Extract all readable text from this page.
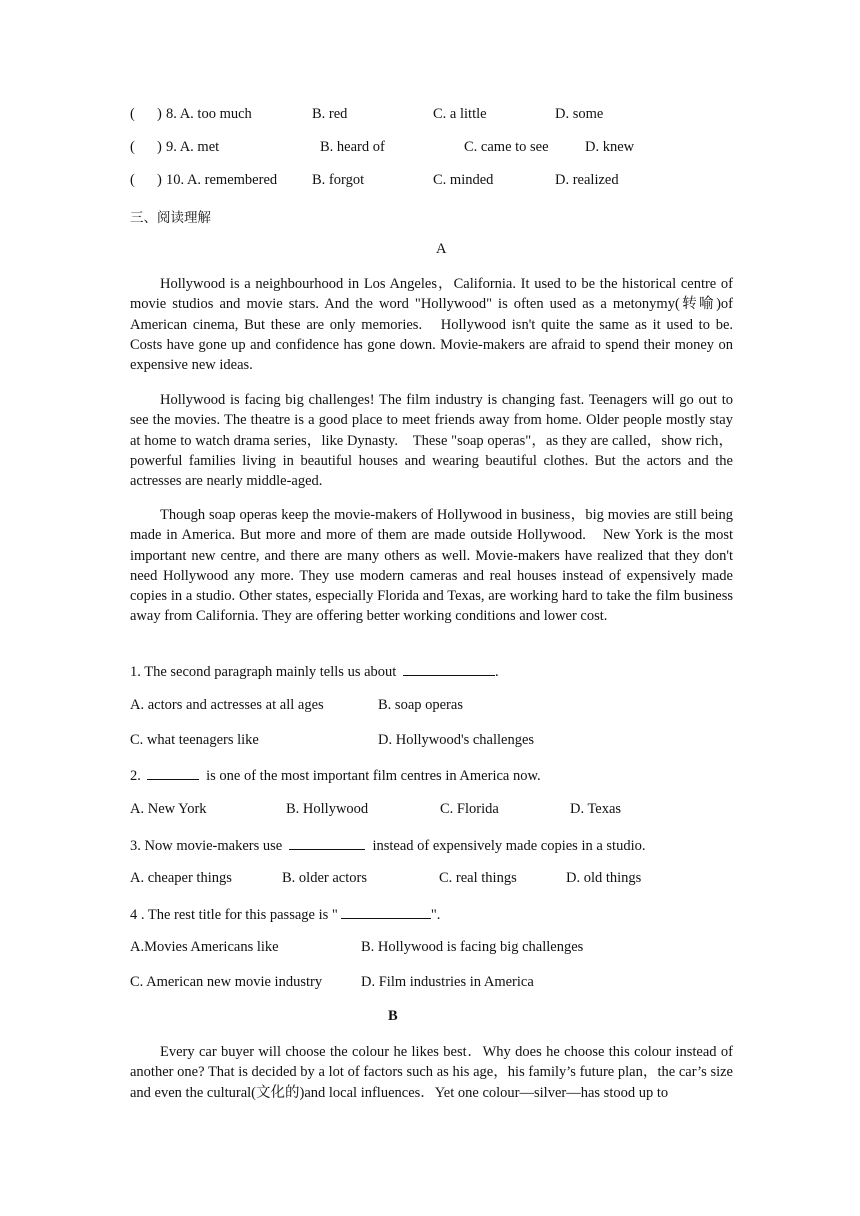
( ) 8. A. too much	B. red	C. a little	D. some
( ) 9. A. met	B. heard of	C. came to see	D. knew
( ) 10. A. remembered B. forgot	C. minded	D. realized
三、阅读理解
A
Hollywood is a neighbourhood in Los Angeles，California. It used to be the historical centre of movie studios and movie stars. And the word "Hollywood" is often used as a metonymy(转喻)of American cinema, But these are only memories.　Hollywood isn't quite the same as it used to be. Costs have gone up and confidence has gone down. Movie-makers are afraid to spend their money on expensive new ideas.
Hollywood is facing big challenges! The film industry is changing fast. Teenagers will go out to see the movies. The theatre is a good place to meet friends away from home. Older people mostly stay at home to watch drama series，like Dynasty.　These "soap operas"，as they are called，show rich，powerful families living in beautiful houses and wearing beautiful clothes. But the actors and the actresses are nearly middle-aged.
Though soap operas keep the movie-makers of Hollywood in business，big movies are still being made in America. But more and more of them are made outside Hollywood.　New York is the most important new centre, and there are many others as well. Movie-makers have realized that they don't need Hollywood any more. They use modern cameras and real houses instead of expensively made copies in a studio. Other states, especially Florida and Texas, are working hard to take the film business away from California. They are offering better working conditions and lower cost.
1. The second paragraph mainly tells us about	.
A. actors and actresses at all ages	B. soap operas
C. what teenagers like	D. Hollywood's challenges
2.	is one of the most important film centres in America now.
A. New York	B. Hollywood	C. Florida	D. Texas
3. Now movie-makers use	instead of expensively made copies in a studio.
A. cheaper things	B. older actors	C. real things	D. old things
4 . The rest title for this passage is "	".
A.Movies Americans like	B. Hollywood is facing big challenges
C. American new movie industry	D. Film industries in America
B
Every car buyer will choose the colour he likes best．Why does he choose this colour instead of another one? That is decided by a lot of factors such as his age，his family’s future plan，the car’s size and even the cultural(文化的)and local influences．Yet one colour—silver—has stood up to
